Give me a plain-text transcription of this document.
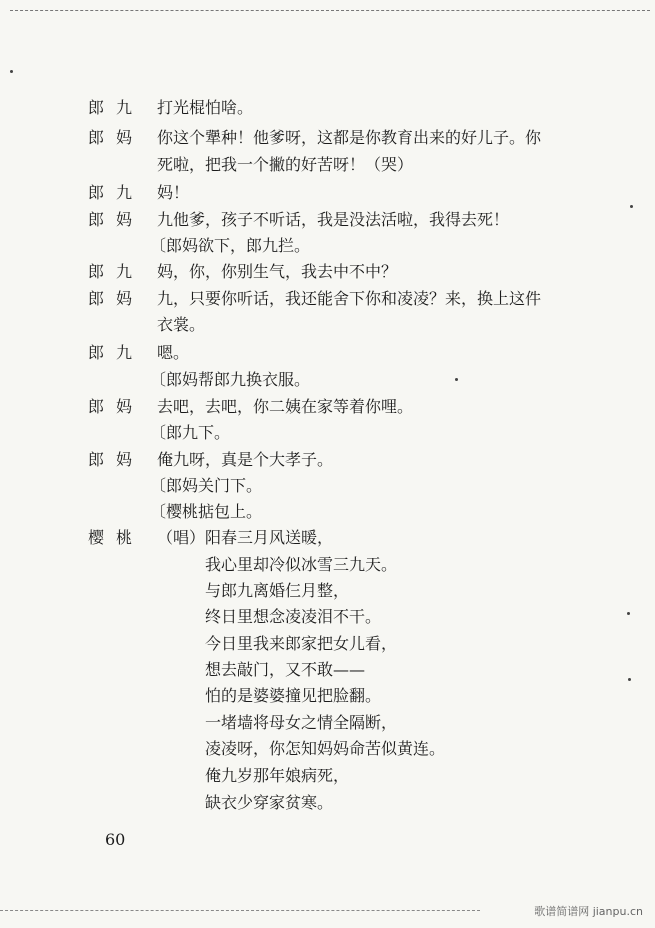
郎九 打光棍怕啥。
郎妈 你这个犟种！他爹呀，这都是你教育出来的好儿子。你
死啦，把我一个撇的好苦呀！（哭）
郎九 妈！
郎妈 九他爹，孩子不听话，我是没法活啦，我得去死！
〔郎妈欲下，郎九拦。
郎九 妈，你，你别生气，我去中不中？
郎妈 九，只要你听话，我还能舍下你和凌凌？来，换上这件
衣裳。
郎九 嗯。
〔郎妈帮郎九换衣服。
郎妈 去吧，去吧，你二姨在家等着你哩。
〔郎九下。
郎妈 俺九呀，真是个大孝子。
〔郎妈关门下。
〔樱桃掂包上。
樱桃 （唱）阳春三月风送暖，
我心里却冷似冰雪三九天。
与郎九离婚仨月整，
终日里想念凌凌泪不干。
今日里我来郎家把女儿看，
想去敲门，又不敢——
怕的是婆婆撞见把脸翻。
一堵墙将母女之情全隔断，
凌凌呀，你怎知妈妈命苦似黄连。
俺九岁那年娘病死，
缺衣少穿家贫寒。
60
歌谱简谱网 jianpu.cn
